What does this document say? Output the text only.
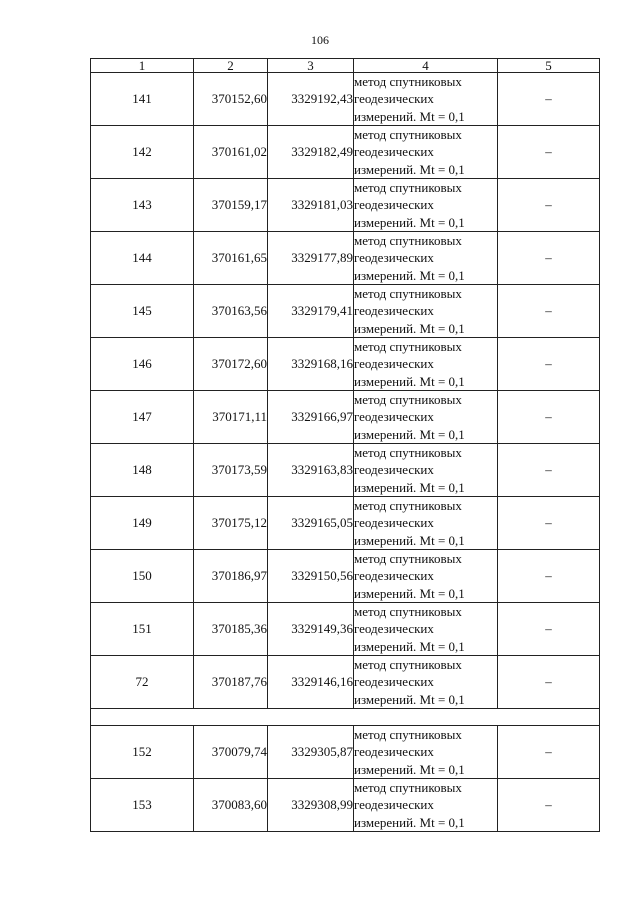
106
1	2	3	4	5
141	370152,60	3329192,43	метод спутниковых
геодезических
измерений. Mt = 0,1	–
142	370161,02	3329182,49	метод спутниковых
геодезических
измерений. Mt = 0,1	–
143	370159,17	3329181,03	метод спутниковых
геодезических
измерений. Mt = 0,1	–
144	370161,65	3329177,89	метод спутниковых
геодезических
измерений. Mt = 0,1	–
145	370163,56	3329179,41	метод спутниковых
геодезических
измерений. Mt = 0,1	–
146	370172,60	3329168,16	метод спутниковых
геодезических
измерений. Mt = 0,1	–
147	370171,11	3329166,97	метод спутниковых
геодезических
измерений. Mt = 0,1	–
148	370173,59	3329163,83	метод спутниковых
геодезических
измерений. Mt = 0,1	–
149	370175,12	3329165,05	метод спутниковых
геодезических
измерений. Mt = 0,1	–
150	370186,97	3329150,56	метод спутниковых
геодезических
измерений. Mt = 0,1	–
151	370185,36	3329149,36	метод спутниковых
геодезических
измерений. Mt = 0,1	–
72	370187,76	3329146,16	метод спутниковых
геодезических
измерений. Mt = 0,1	–

152	370079,74	3329305,87	метод спутниковых
геодезических
измерений. Mt = 0,1	–
153	370083,60	3329308,99	метод спутниковых
геодезических
измерений. Mt = 0,1	–
